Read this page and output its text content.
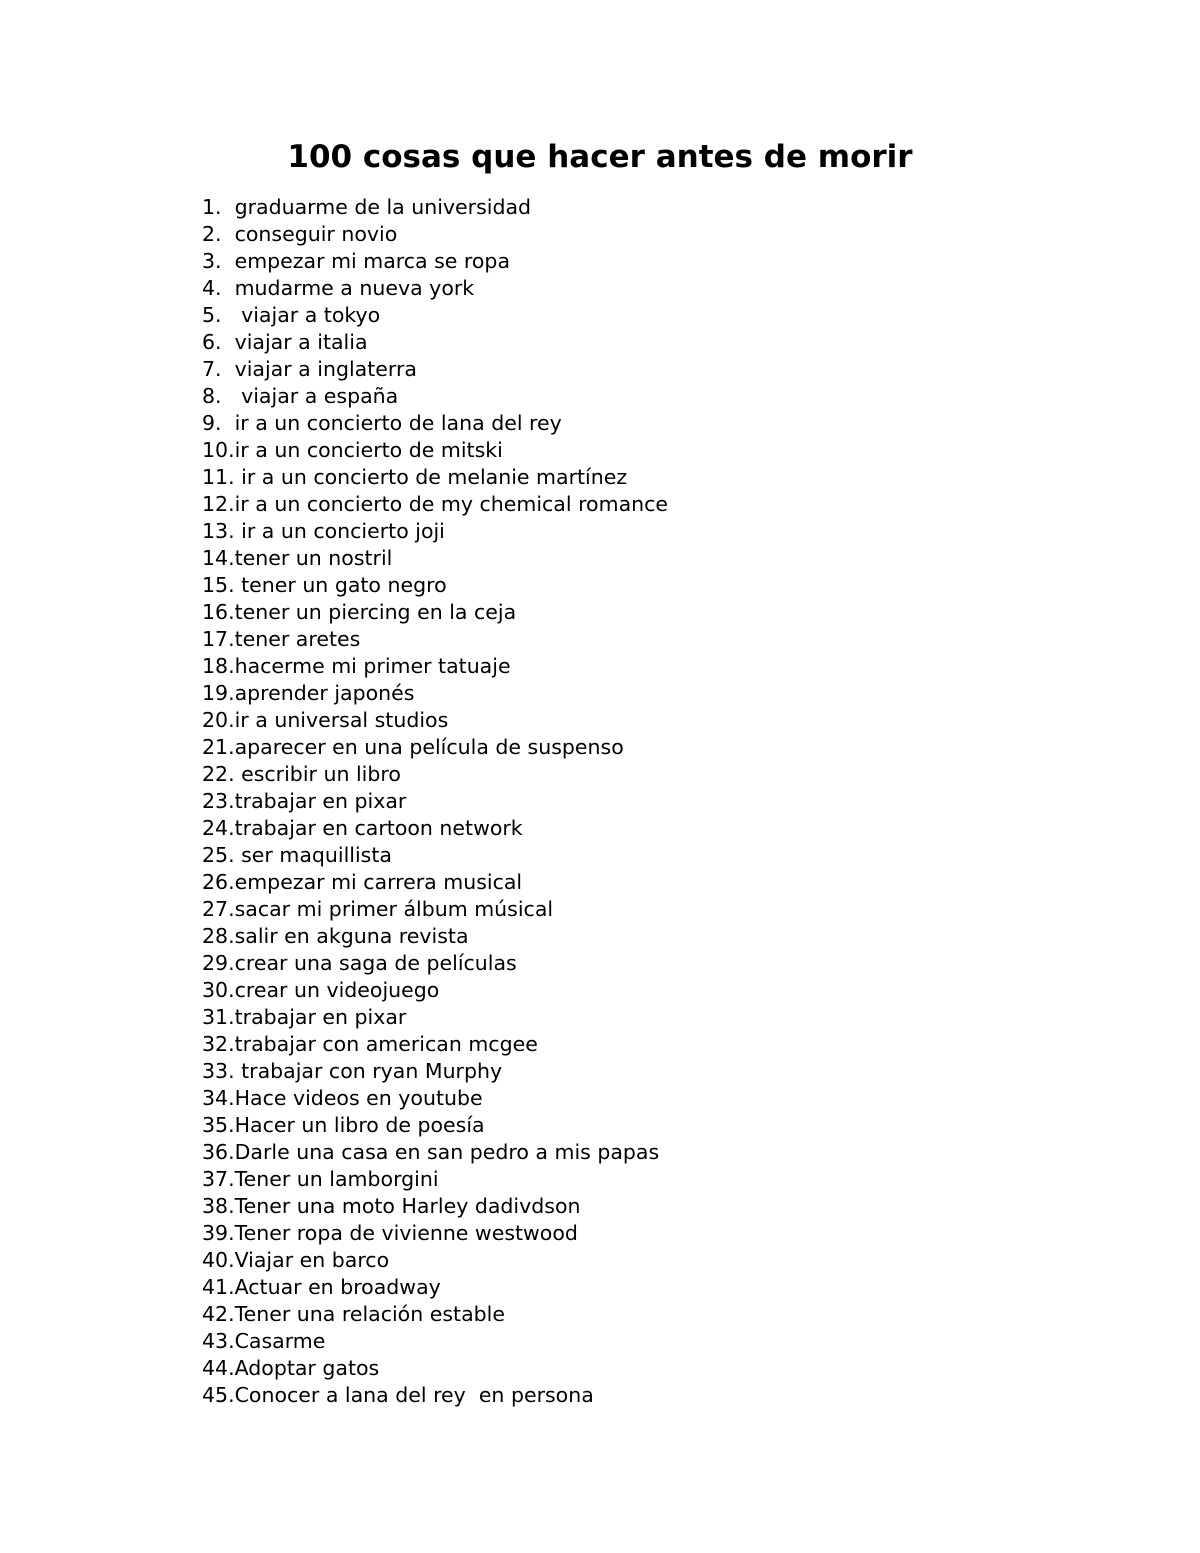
100 cosas que hacer antes de morir
1.  graduarme de la universidad
2.  conseguir novio
3.  empezar mi marca se ropa
4.  mudarme a nueva york
5.   viajar a tokyo
6.  viajar a italia
7.  viajar a inglaterra
8.   viajar a españa
9.  ir a un concierto de lana del rey
10.ir a un concierto de mitski
11. ir a un concierto de melanie martínez
12.ir a un concierto de my chemical romance
13. ir a un concierto joji
14.tener un nostril
15. tener un gato negro
16.tener un piercing en la ceja
17.tener aretes
18.hacerme mi primer tatuaje
19.aprender japonés
20.ir a universal studios
21.aparecer en una película de suspenso
22. escribir un libro
23.trabajar en pixar
24.trabajar en cartoon network
25. ser maquillista
26.empezar mi carrera musical
27.sacar mi primer álbum músical
28.salir en akguna revista
29.crear una saga de películas
30.crear un videojuego
31.trabajar en pixar
32.trabajar con american mcgee
33. trabajar con ryan Murphy
34.Hace videos en youtube
35.Hacer un libro de poesía
36.Darle una casa en san pedro a mis papas
37.Tener un lamborgini
38.Tener una moto Harley dadivdson
39.Tener ropa de vivienne westwood
40.Viajar en barco
41.Actuar en broadway
42.Tener una relación estable
43.Casarme
44.Adoptar gatos
45.Conocer a lana del rey  en persona
